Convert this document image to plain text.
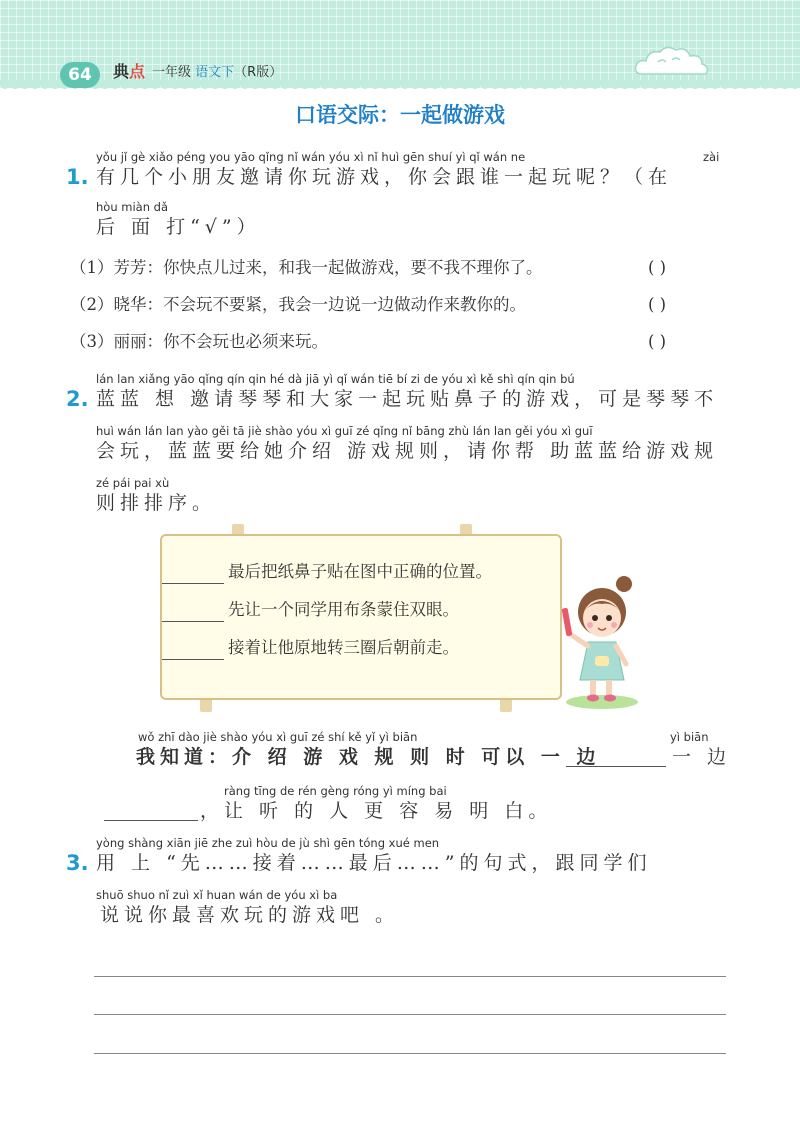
64	典点 一年级 语文下（R版）
口语交际：一起做游戏
yǒu jǐ gè xiǎo péng you yāo qǐng nǐ wán yóu xì nǐ huì gēn shuí yì qǐ wán ne	zài
1. 有几个小朋友邀请你玩游戏，你会跟谁一起玩呢？（在
hòu miàn dǎ
后 面 打“√”）
（1）芳芳：你快点儿过来，和我一起做游戏，要不我不理你了。	( )
（2）晓华：不会玩不要紧，我会一边说一边做动作来教你的。	( )
（3）丽丽：你不会玩也必须来玩。	( )
lán lan xiǎng yāo qǐng qín qin hé dà jiā yì qǐ wán tiē bí zi de yóu xì kě shì qín qin bú
2. 蓝蓝 想 邀请琴琴和大家一起玩贴鼻子的游戏，可是琴琴不
huì wán lán lan yào gěi tā jiè shào yóu xì guī zé qǐng nǐ bāng zhù lán lan gěi yóu xì guī
会玩，蓝蓝要给她介绍 游戏规则，请你帮 助蓝蓝给游戏规
zé pái pai xù
则排排序。
最后把纸鼻子贴在图中正确的位置。
先让一个同学用布条蒙住双眼。
接着让他原地转三圈后朝前走。
wǒ zhī dào jiè shào yóu xì guī zé shí kě yǐ yì biān	yì biān
我知道：介 绍 游 戏 规 则 时 可以 一 边	一 边
ràng tīng de rén gèng róng yì míng bai
，让 听 的 人 更 容 易 明 白。
yòng shàng xiān jiē zhe zuì hòu de jù shì gēn tóng xué men
3. 用 上 “先……接着……最后……”的句式，跟同学们
shuō shuo nǐ zuì xǐ huan wán de yóu xì ba
说说你最喜欢玩的游戏吧 。
